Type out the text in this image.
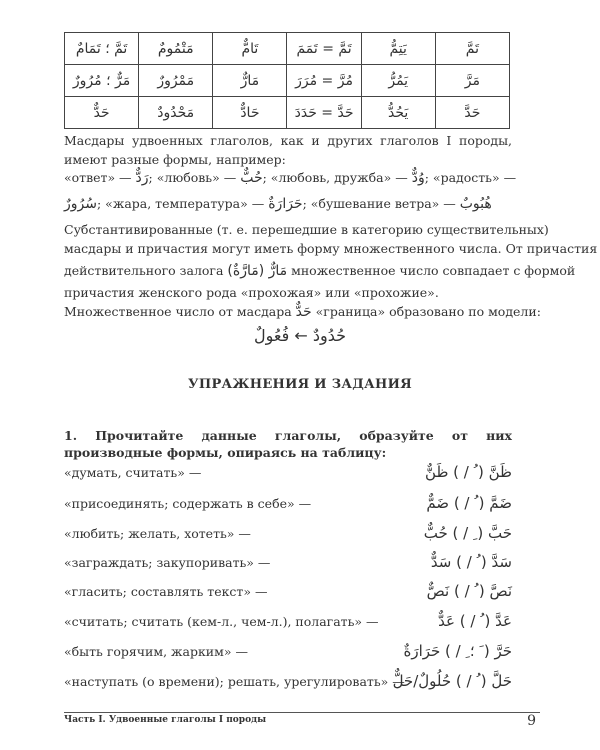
تَمَّ ؛ تَمَامٌ	مَتْمُومٌ	تَامٌّ	تَمَّ = تَمَمَ	يَتِمُّ	تَمَّ
مَرٌّ ؛ مُرُورٌ	مَمْرُورٌ	مَارٌّ	مُرَّ = مُرَرَ	يَمُرُّ	مَرَّ
حَدٌّ	مَحْدُودٌ	حَادٌّ	حَدَّ = حَدَدَ	يَحُدُّ	حَدَّ
Масдары удвоенных глаголов, как и других глаголов I породы, имеют разные формы, например:
«ответ» — رَدٌّ; «любовь» — حُبٌّ; «любовь, дружба» — وُدٌّ; «радость» —
سُرُورٌ; «жара, температура» — حَرَارَةٌ; «бушевание ветра» — هُبُوبٌ
Субстантивированные (т. е. перешедшие в категорию существительных)
масдары и причастия могут иметь форму множественного числа. От причастия
действительного залога مَارٌّ (مَارَّةٌ) множественное число совпадает с формой
причастия женского рода «прохожая» или «прохожие».
Множественное число от масдара حَدٌّ «граница» образовано по модели:
حُدُودٌ ← فُعُولٌ
УПРАЖНЕНИЯ И ЗАДАНИЯ
1. Прочитайте данные глаголы, образуйте от них производные формы, опираясь на таблицу:
«думать, считать» —	ظَنَّ ( ُ / ) ظَنٌّ
«присоединять; содержать в себе» —	ضَمَّ ( ُ / ) ضَمٌّ
«любить; желать, хотеть» —	حَبَّ ( ِ / ) حُبٌّ
«заграждать; закупоривать» —	سَدَّ ( ُ / ) سَدٌّ
«гласить; составлять текст» —	نَصَّ ( ُ / ) نَصٌّ
«считать; считать (кем-л., чем-л.), полагать» —	عَدَّ ( ُ / ) عَدٌّ
«быть горячим, жарким» —	حَرَّ ( َ ؛ ِ / ) حَرَارَةٌ
«наступать (о времени); решать, урегулировать» —
حَلَّ ( ُ / ) حُلُولٌ/حَلٌّ
Часть I. Удвоенные глаголы I породы	9
